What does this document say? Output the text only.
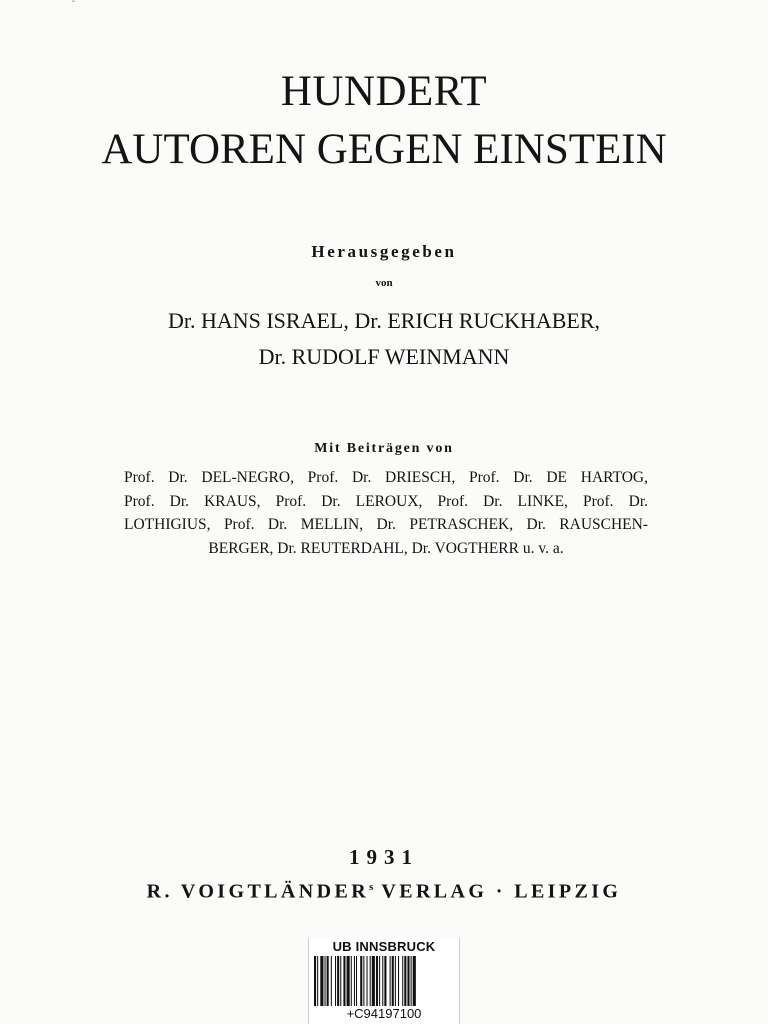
˘
HUNDERT
AUTOREN GEGEN EINSTEIN
Herausgegeben
von
Dr. HANS ISRAEL, Dr. ERICH RUCKHABER,
Dr. RUDOLF WEINMANN
Mit Beiträgen von
Prof. Dr. DEL-NEGRO, Prof. Dr. DRIESCH, Prof. Dr. DE HARTOG,
Prof. Dr. KRAUS, Prof. Dr. LEROUX, Prof. Dr. LINKE, Prof. Dr.
LOTHIGIUS, Prof. Dr. MELLIN, Dr. PETRASCHEK, Dr. RAUSCHEN-
BERGER, Dr. REUTERDAHL, Dr. VOGTHERR u. v. a.
1931
R. VOIGTLÄNDER$^s$ VERLAG · LEIPZIG
UB INNSBRUCK
+C94197100
